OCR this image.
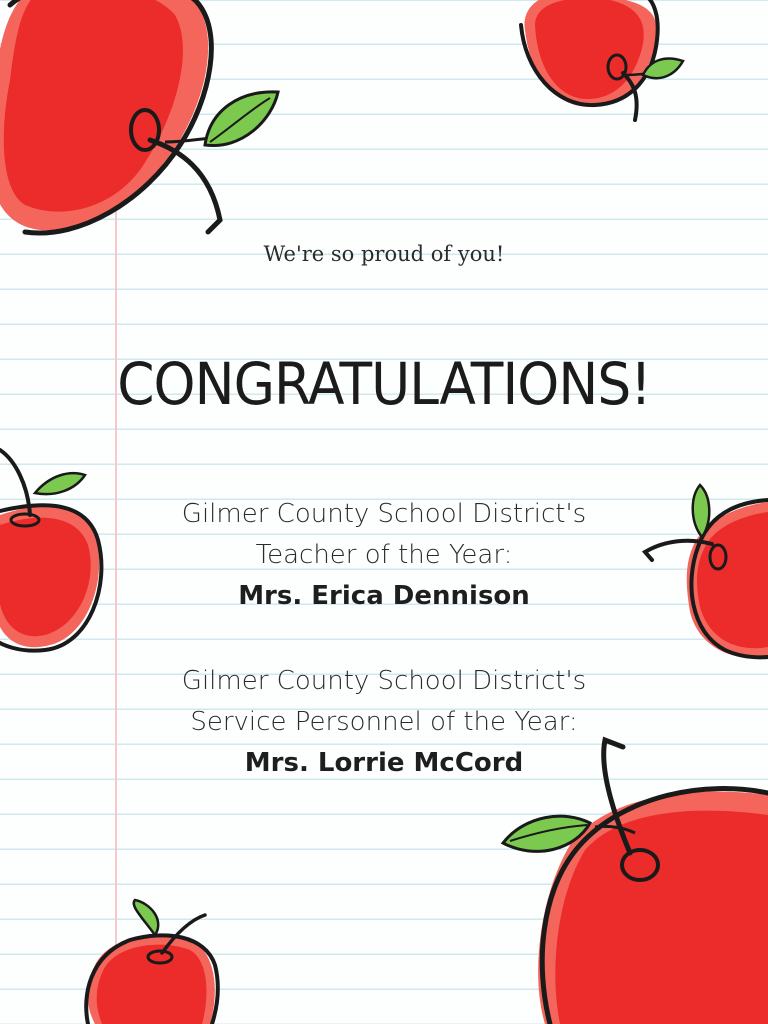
We're so proud of you!
CONGRATULATIONS!
Gilmer County School District's
Teacher of the Year:
Mrs. Erica Dennison
Gilmer County School District's
Service Personnel of the Year:
Mrs. Lorrie McCord
